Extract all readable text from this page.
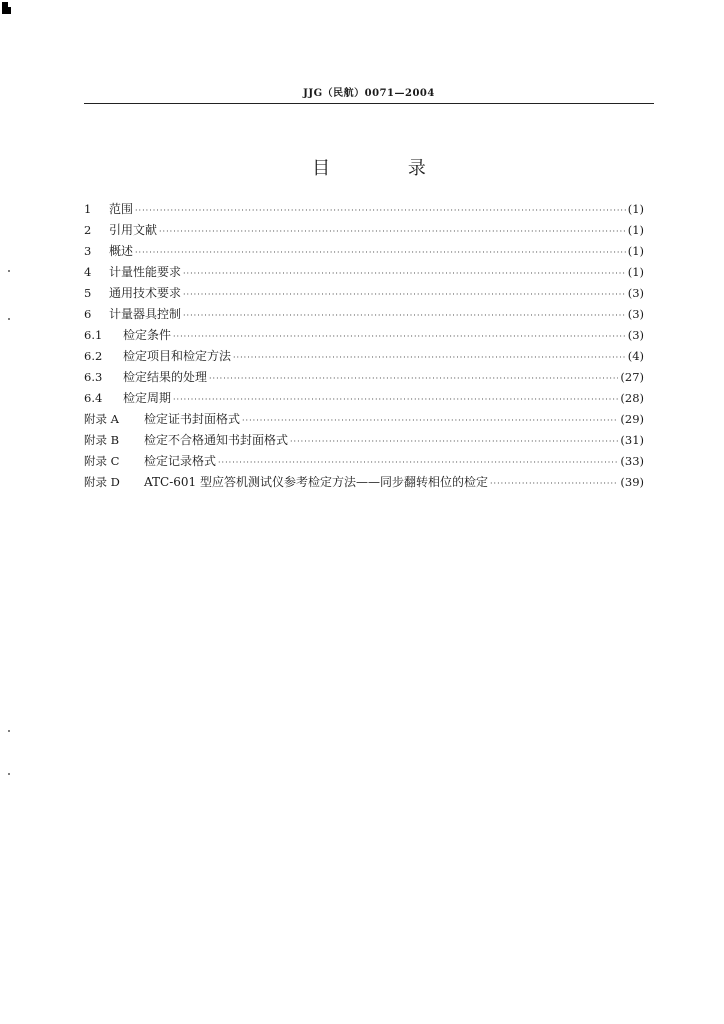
JJG（民航）0071—2004
目 录
1	范围 ·····	(1)
2	引用文献 ·····	(1)
3	概述 ·····	(1)
4	计量性能要求 ·····	(1)
5	通用技术要求 ·····	(3)
6	计量器具控制 ·····	(3)
6.1	检定条件 ·····	(3)
6.2	检定项目和检定方法 ·····	(4)
6.3	检定结果的处理 ·····	(27)
6.4	检定周期 ·····	(28)
附录 A	检定证书封面格式 ·····	(29)
附录 B	检定不合格通知书封面格式 ·····	(31)
附录 C	检定记录格式 ·····	(33)
附录 D	ATC-601 型应答机测试仪参考检定方法——同步翻转相位的检定 ·····	(39)
